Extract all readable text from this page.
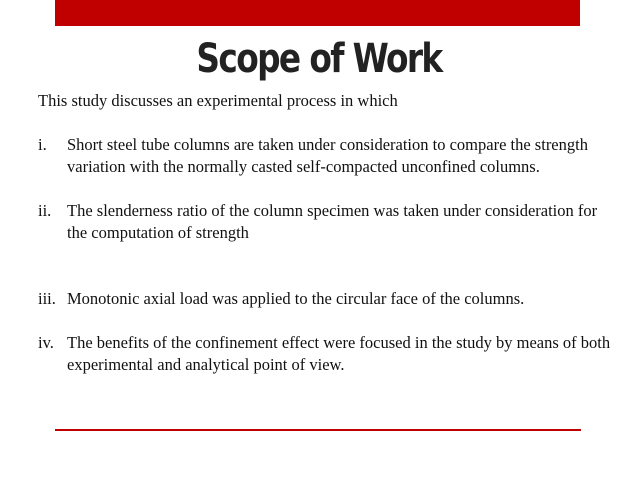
Scope of Work

This study discusses an experimental process in which

i.	Short steel tube columns are taken under consideration to compare the strength variation with the normally casted self-compacted unconfined columns.
ii. The slenderness ratio of the column specimen was taken under consideration for the computation of strength
iii. Monotonic axial load was applied to the circular face of the columns.
iv. The benefits of the confinement effect were focused in the study by means of both experimental and analytical point of view.
